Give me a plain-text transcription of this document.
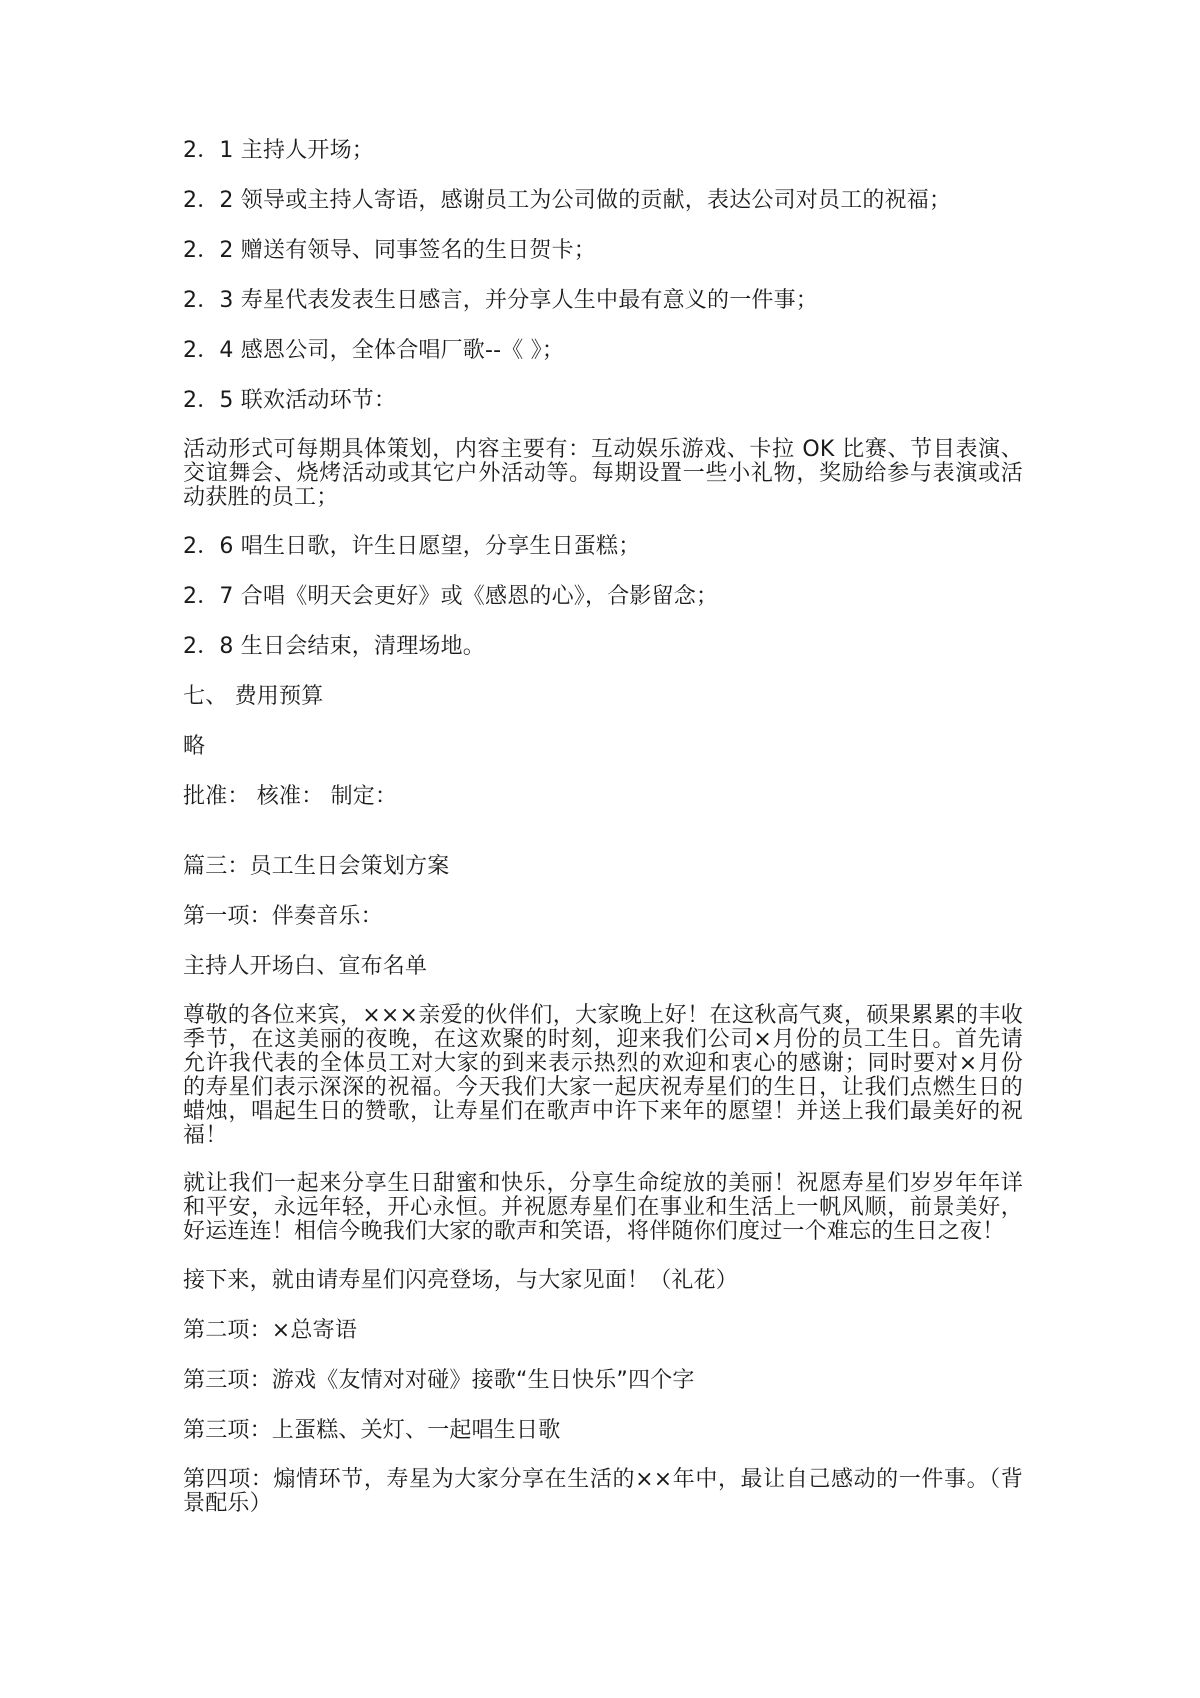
2．1 主持人开场；

2．2 领导或主持人寄语，感谢员工为公司做的贡献，表达公司对员工的祝福；

2．2 赠送有领导、同事签名的生日贺卡；

2．3 寿星代表发表生日感言，并分享人生中最有意义的一件事；

2．4 感恩公司，全体合唱厂歌--《 》；

2．5 联欢活动环节：

活动形式可每期具体策划，内容主要有：互动娱乐游戏、卡拉 OK 比赛、节目表演、交谊舞会、烧烤活动或其它户外活动等。每期设置一些小礼物，奖励给参与表演或活动获胜的员工；

2．6 唱生日歌，许生日愿望，分享生日蛋糕；

2．7 合唱《明天会更好》或《感恩的心》，合影留念；

2．8 生日会结束，清理场地。

七、 费用预算

略

批准： 核准： 制定：

篇三：员工生日会策划方案

第一项：伴奏音乐：

主持人开场白、宣布名单

尊敬的各位来宾，×××亲爱的伙伴们，大家晚上好！在这秋高气爽，硕果累累的丰收季节，在这美丽的夜晚，在这欢聚的时刻，迎来我们公司×月份的员工生日。首先请允许我代表的全体员工对大家的到来表示热烈的欢迎和衷心的感谢；同时要对×月份的寿星们表示深深的祝福。今天我们大家一起庆祝寿星们的生日，让我们点燃生日的蜡烛，唱起生日的赞歌，让寿星们在歌声中许下来年的愿望！并送上我们最美好的祝福！

就让我们一起来分享生日甜蜜和快乐，分享生命绽放的美丽！祝愿寿星们岁岁年年详和平安，永远年轻，开心永恒。并祝愿寿星们在事业和生活上一帆风顺，前景美好，好运连连！相信今晚我们大家的歌声和笑语，将伴随你们度过一个难忘的生日之夜！

接下来，就由请寿星们闪亮登场，与大家见面！（礼花）

第二项：×总寄语

第三项：游戏《友情对对碰》接歌“生日快乐”四个字

第三项：上蛋糕、关灯、一起唱生日歌

第四项：煽情环节，寿星为大家分享在生活的××年中，最让自己感动的一件事。（背景配乐）
